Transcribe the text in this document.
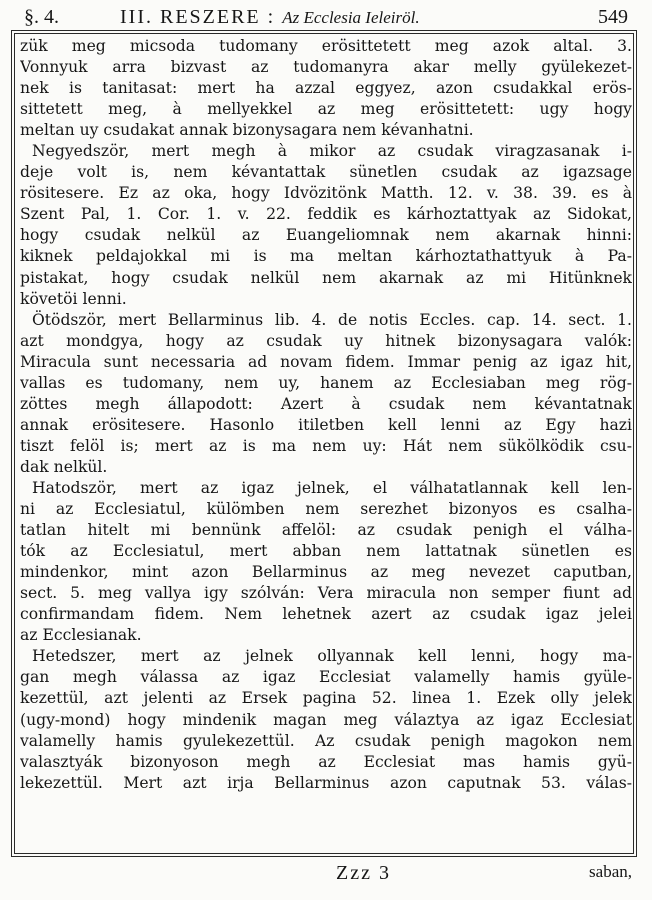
§. 4.	III. RESZERE : Az Ecclesia Ieleiröl.	549
zük meg micsoda tudomany erösittetett meg azok altal. 3.
Vonnyuk arra bizvast az tudomanyra akar melly gyülekezet-
nek is tanitasat: mert ha azzal eggyez, azon csudakkal erös-
sittetett meg, à mellyekkel az meg erösittetett: ugy hogy
meltan uy csudakat annak bizonysagara nem kévanhatni.
Negyedször, mert megh à mikor az csudak viragzasanak i-
deje volt is, nem kévantattak sünetlen csudak az igazsage
rösitesere. Ez az oka, hogy Idvözitönk Matth. 12. v. 38. 39. es à
Szent Pal, 1. Cor. 1. v. 22. feddik es kárhoztattyak az Sidokat,
hogy csudak nelkül az Euangeliomnak nem akarnak hinni:
kiknek peldajokkal mi is ma meltan kárhoztathattyuk à Pa-
pistakat, hogy csudak nelkül nem akarnak az mi Hitünknek
követöi lenni.
Ötödször, mert Bellarminus lib. 4. de notis Eccles. cap. 14. sect. 1.
azt mondgya, hogy az csudak uy hitnek bizonysagara valók:
Miracula sunt necessaria ad novam fidem. Immar penig az igaz hit,
vallas es tudomany, nem uy, hanem az Ecclesiaban meg rög-
zöttes megh állapodott: Azert à csudak nem kévantatnak
annak erösitesere. Hasonlo itiletben kell lenni az Egy hazi
tiszt felöl is; mert az is ma nem uy: Hát nem sükölködik csu-
dak nelkül.
Hatodször, mert az igaz jelnek, el válhatatlannak kell len-
ni az Ecclesiatul, külömben nem serezhet bizonyos es csalha-
tatlan hitelt mi bennünk affelöl: az csudak penigh el válha-
tók az Ecclesiatul, mert abban nem lattatnak sünetlen es
mindenkor, mint azon Bellarminus az meg nevezet caputban,
sect. 5. meg vallya igy szólván: Vera miracula non semper fiunt ad
confirmandam fidem. Nem lehetnek azert az csudak igaz jelei
az Ecclesianak.
Hetedszer, mert az jelnek ollyannak kell lenni, hogy ma-
gan megh válassa az igaz Ecclesiat valamelly hamis gyüle-
kezettül, azt jelenti az Ersek pagina 52. linea 1. Ezek olly jelek
(ugy-mond) hogy mindenik magan meg válaztya az igaz Ecclesiat
valamelly hamis gyulekezettül. Az csudak penigh magokon nem
valasztyák bizonyoson megh az Ecclesiat mas hamis gyü-
lekezettül. Mert azt irja Bellarminus azon caputnak 53. válas-
Zzz 3	saban,
